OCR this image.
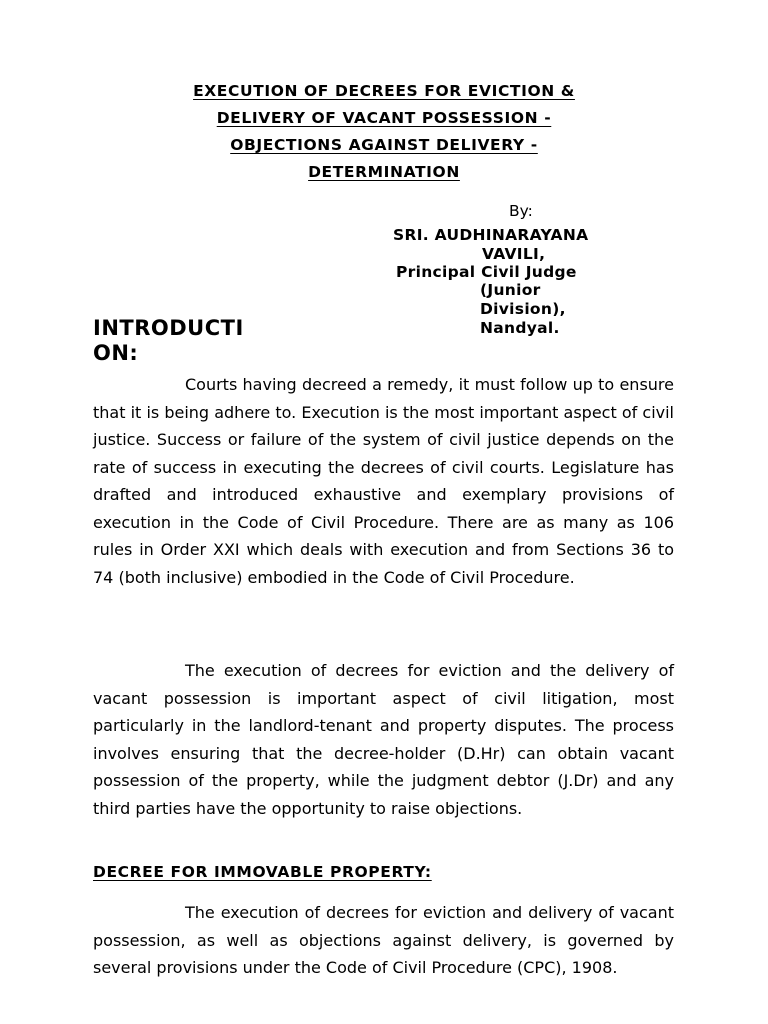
EXECUTION OF DECREES FOR EVICTION &
DELIVERY OF VACANT POSSESSION -
OBJECTIONS AGAINST DELIVERY -
DETERMINATION
By:
SRI. AUDHINARAYANA
VAVILI,
Principal Civil Judge
(Junior
Division),
Nandyal.
INTRODUCTI
ON:

Courts having decreed a remedy, it must follow up to ensure that it is being adhere to. Execution is the most important aspect of civil justice. Success or failure of the system of civil justice depends on the rate of success in executing the decrees of civil courts. Legislature has drafted and introduced exhaustive and exemplary provisions of execution in the Code of Civil Procedure. There are as many as 106 rules in Order XXI which deals with execution and from Sections 36 to 74 (both inclusive) embodied in the Code of Civil Procedure.

The execution of decrees for eviction and the delivery of vacant possession is important aspect of civil litigation, most particularly in the landlord-tenant and property disputes. The process involves ensuring that the decree-holder (D.Hr) can obtain vacant possession of the property, while the judgment debtor (J.Dr) and any third parties have the opportunity to raise objections.

DECREE FOR IMMOVABLE PROPERTY:

The execution of decrees for eviction and delivery of vacant possession, as well as objections against delivery, is governed by several provisions under the Code of Civil Procedure (CPC), 1908.
